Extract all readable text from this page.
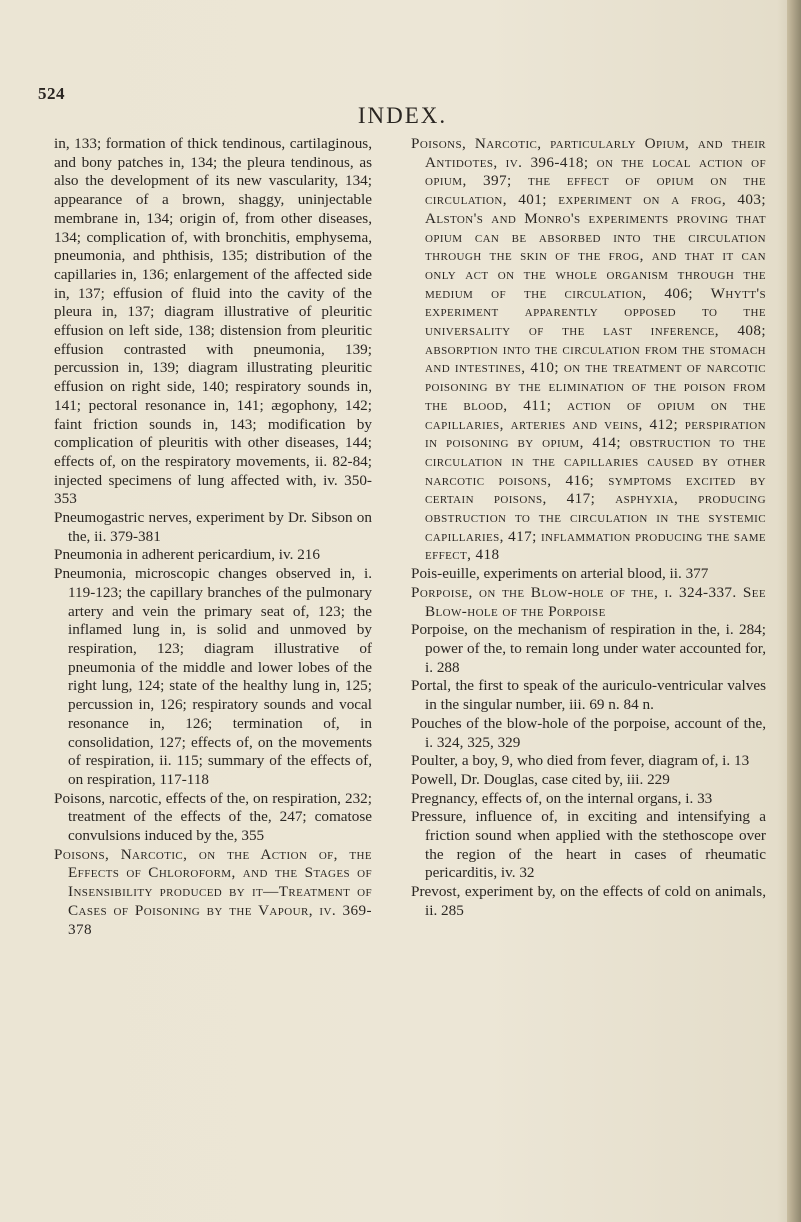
524
INDEX.

in, 133; formation of thick tendinous, cartilaginous, and bony patches in, 134; the pleura tendinous, as also the development of its new vascularity, 134; appearance of a brown, shaggy, uninjectable membrane in, 134; origin of, from other diseases, 134; complication of, with bronchitis, emphysema, pneumonia, and phthisis, 135; distribution of the capillaries in, 136; enlargement of the affected side in, 137; effusion of fluid into the cavity of the pleura in, 137; diagram illustrative of pleuritic effusion on left side, 138; distension from pleuritic effusion contrasted with pneumonia, 139; percussion in, 139; diagram illustrating pleuritic effusion on right side, 140; respiratory sounds in, 141; pectoral resonance in, 141; ægophony, 142; faint friction sounds in, 143; modification by complication of pleuritis with other diseases, 144; effects of, on the respiratory movements, ii. 82-84; injected specimens of lung affected with, iv. 350-353

Pneumogastric nerves, experiment by Dr. Sibson on the, ii. 379-381

Pneumonia in adherent pericardium, iv. 216

Pneumonia, microscopic changes observed in, i. 119-123; the capillary branches of the pulmonary artery and vein the primary seat of, 123; the inflamed lung in, is solid and unmoved by respiration, 123; diagram illustrative of pneumonia of the middle and lower lobes of the right lung, 124; state of the healthy lung in, 125; percussion in, 126; respiratory sounds and vocal resonance in, 126; termination of, in consolidation, 127; effects of, on the movements of respiration, ii. 115; summary of the effects of, on respiration, 117-118

Poisons, narcotic, effects of the, on respiration, 232; treatment of the effects of the, 247; comatose convulsions induced by the, 355

Poisons, Narcotic, on the Action of, the Effects of Chloroform, and the Stages of Insensibility produced by it—Treatment of Cases of Poisoning by the Vapour, iv. 369-378

Poisons, Narcotic, particularly Opium, and their Antidotes, iv. 396-418; on the local action of opium, 397; the effect of opium on the circulation, 401; experiment on a frog, 403; Alston's and Monro's experiments proving that opium can be absorbed into the circulation through the skin of the frog, and that it can only act on the whole organism through the medium of the circulation, 406; Whytt's experiment apparently opposed to the universality of the last inference, 408; absorption into the circulation from the stomach and intestines, 410; on the treatment of narcotic poisoning by the elimination of the poison from the blood, 411; action of opium on the capillaries, arteries and veins, 412; perspiration in poisoning by opium, 414; obstruction to the circulation in the capillaries caused by other narcotic poisons, 416; symptoms excited by certain poisons, 417; asphyxia, producing obstruction to the circulation in the systemic capillaries, 417; inflammation producing the same effect, 418

Pois-euille, experiments on arterial blood, ii. 377

Porpoise, on the Blow-hole of the, i. 324-337. See Blow-hole of the Porpoise

Porpoise, on the mechanism of respiration in the, i. 284; power of the, to remain long under water accounted for, i. 288

Portal, the first to speak of the auriculo-ventricular valves in the singular number, iii. 69 n. 84 n.

Pouches of the blow-hole of the porpoise, account of the, i. 324, 325, 329

Poulter, a boy, 9, who died from fever, diagram of, i. 13

Powell, Dr. Douglas, case cited by, iii. 229

Pregnancy, effects of, on the internal organs, i. 33

Pressure, influence of, in exciting and intensifying a friction sound when applied with the stethoscope over the region of the heart in cases of rheumatic pericarditis, iv. 32

Prevost, experiment by, on the effects of cold on animals, ii. 285
